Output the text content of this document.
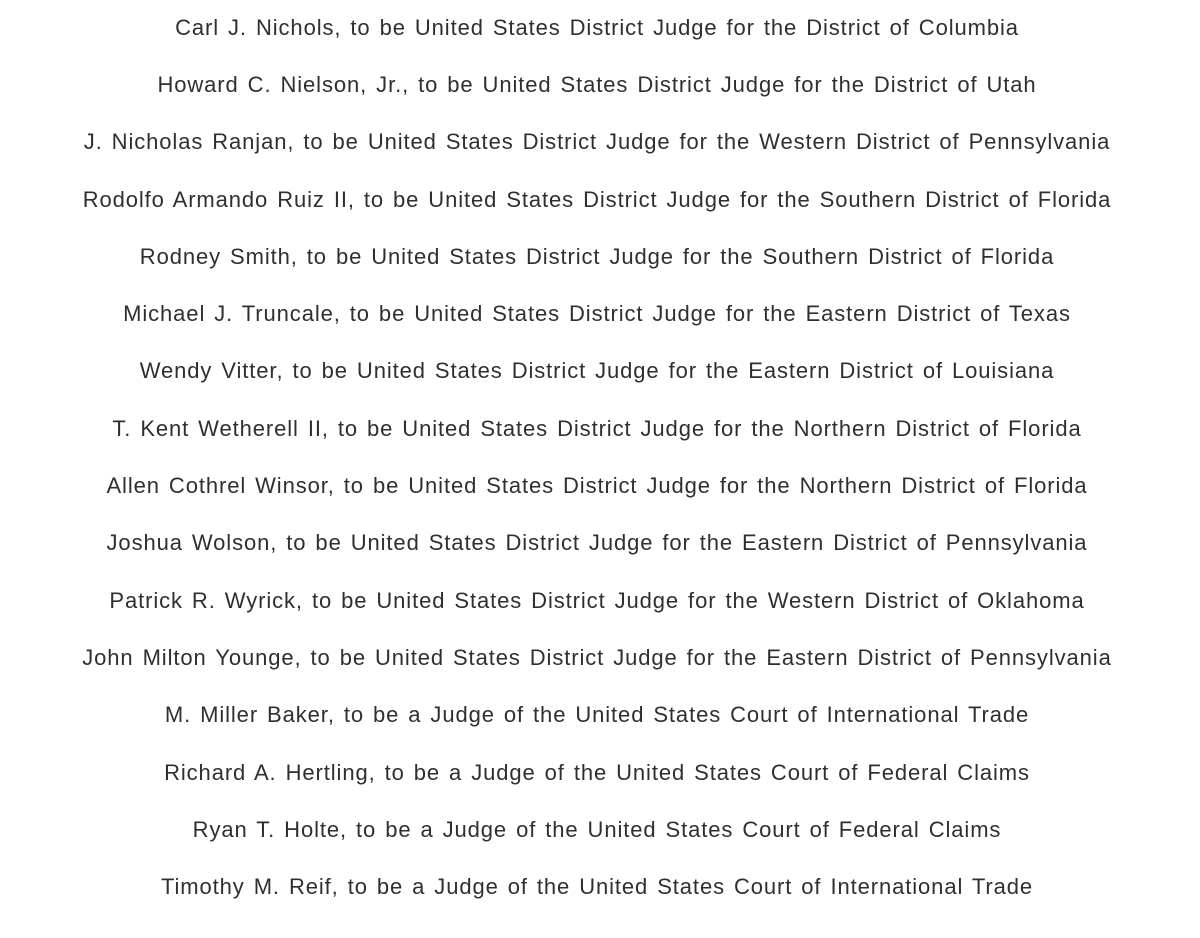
Carl J. Nichols, to be United States District Judge for the District of Columbia
Howard C. Nielson, Jr., to be United States District Judge for the District of Utah
J. Nicholas Ranjan, to be United States District Judge for the Western District of Pennsylvania
Rodolfo Armando Ruiz II, to be United States District Judge for the Southern District of Florida
Rodney Smith, to be United States District Judge for the Southern District of Florida
Michael J. Truncale, to be United States District Judge for the Eastern District of Texas
Wendy Vitter, to be United States District Judge for the Eastern District of Louisiana
T. Kent Wetherell II, to be United States District Judge for the Northern District of Florida
Allen Cothrel Winsor, to be United States District Judge for the Northern District of Florida
Joshua Wolson, to be United States District Judge for the Eastern District of Pennsylvania
Patrick R. Wyrick, to be United States District Judge for the Western District of Oklahoma
John Milton Younge, to be United States District Judge for the Eastern District of Pennsylvania
M. Miller Baker, to be a Judge of the United States Court of International Trade
Richard A. Hertling, to be a Judge of the United States Court of Federal Claims
Ryan T. Holte, to be a Judge of the United States Court of Federal Claims
Timothy M. Reif, to be a Judge of the United States Court of International Trade
